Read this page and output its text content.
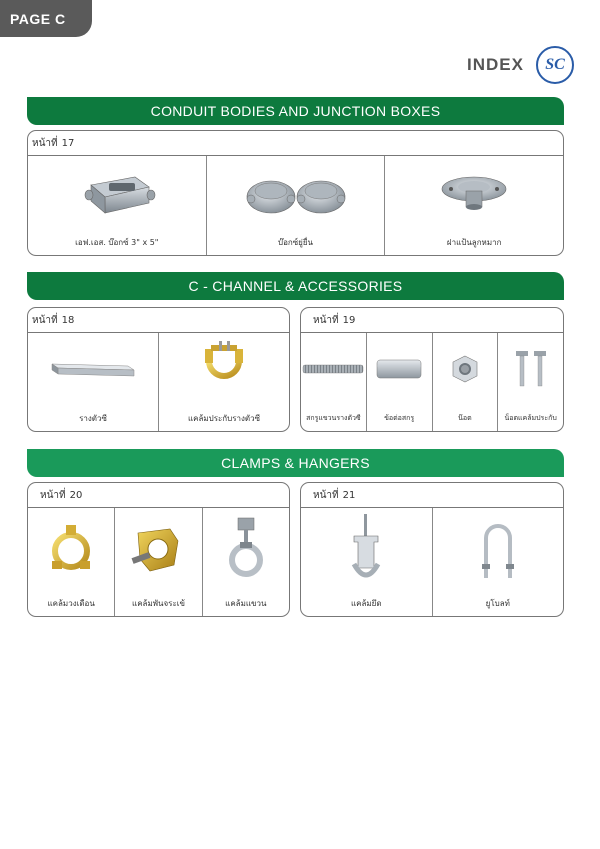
PAGE C
INDEX SC
CONDUIT BODIES AND JUNCTION BOXES
หน้าที่ 17
เอฟ.เอส. บ๊อกซ์ 3" x 5"	บ๊อกซ์ยู่ยื่น	ฝาแป้นลูกหมาก
C - CHANNEL & ACCESSORIES
หน้าที่ 18
รางตัวซี	แคล้มประกับรางตัวซี
หน้าที่ 19
สกรูแขวนรางตัวซี	ข้อต่อสกรู	น๊อต	น็อตแคล้มประกับ
CLAMPS & HANGERS
หน้าที่ 20
แคล้มวงเดือน	แคล้มพันจระเข้	แคล้มแขวน
หน้าที่ 21
แคล้มยึด	ยูโบลท์
